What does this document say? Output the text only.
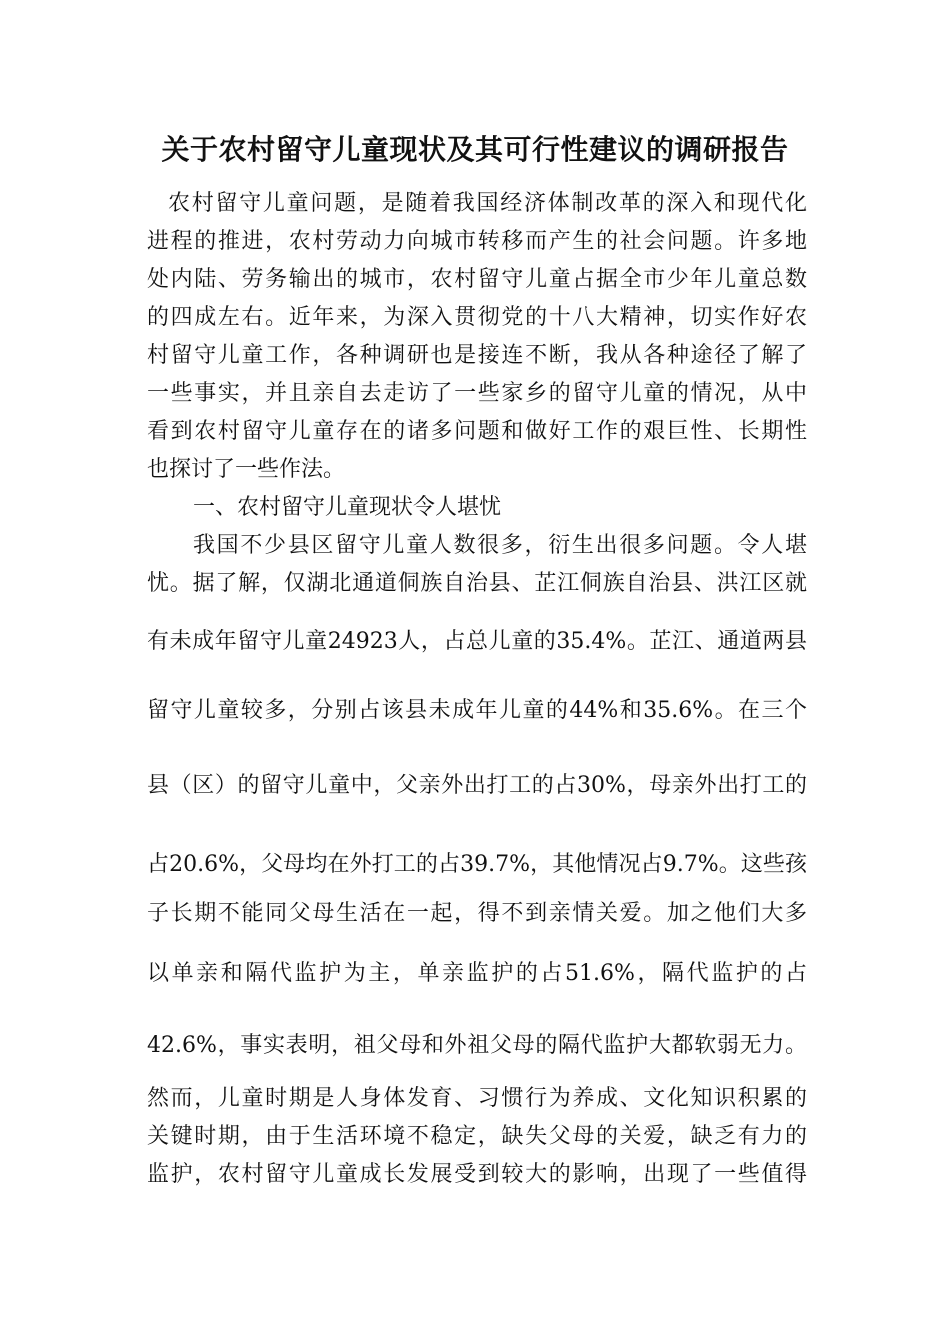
关于农村留守儿童现状及其可行性建议的调研报告
农村留守儿童问题，是随着我国经济体制改革的深入和现代化
进程的推进，农村劳动力向城市转移而产生的社会问题。许多地
处内陆、劳务输出的城市，农村留守儿童占据全市少年儿童总数
的四成左右。近年来，为深入贯彻党的十八大精神，切实作好农
村留守儿童工作，各种调研也是接连不断，我从各种途径了解了
一些事实，并且亲自去走访了一些家乡的留守儿童的情况，从中
看到农村留守儿童存在的诸多问题和做好工作的艰巨性、长期性
也探讨了一些作法。
一、农村留守儿童现状令人堪忧
我国不少县区留守儿童人数很多，衍生出很多问题。令人堪
忧。据了解，仅湖北通道侗族自治县、芷江侗族自治县、洪江区就
有未成年留守儿童24923人，占总儿童的35.4%。芷江、通道两县
留守儿童较多，分别占该县未成年儿童的44%和35.6%。在三个
县（区）的留守儿童中，父亲外出打工的占30%，母亲外出打工的
占20.6%，父母均在外打工的占39.7%，其他情况占9.7%。这些孩
子长期不能同父母生活在一起，得不到亲情关爱。加之他们大多
以单亲和隔代监护为主，单亲监护的占51.6%，隔代监护的占
42.6%，事实表明，祖父母和外祖父母的隔代监护大都软弱无力。
然而，儿童时期是人身体发育、习惯行为养成、文化知识积累的
关键时期，由于生活环境不稳定，缺失父母的关爱，缺乏有力的
监护，农村留守儿童成长发展受到较大的影响，出现了一些值得
